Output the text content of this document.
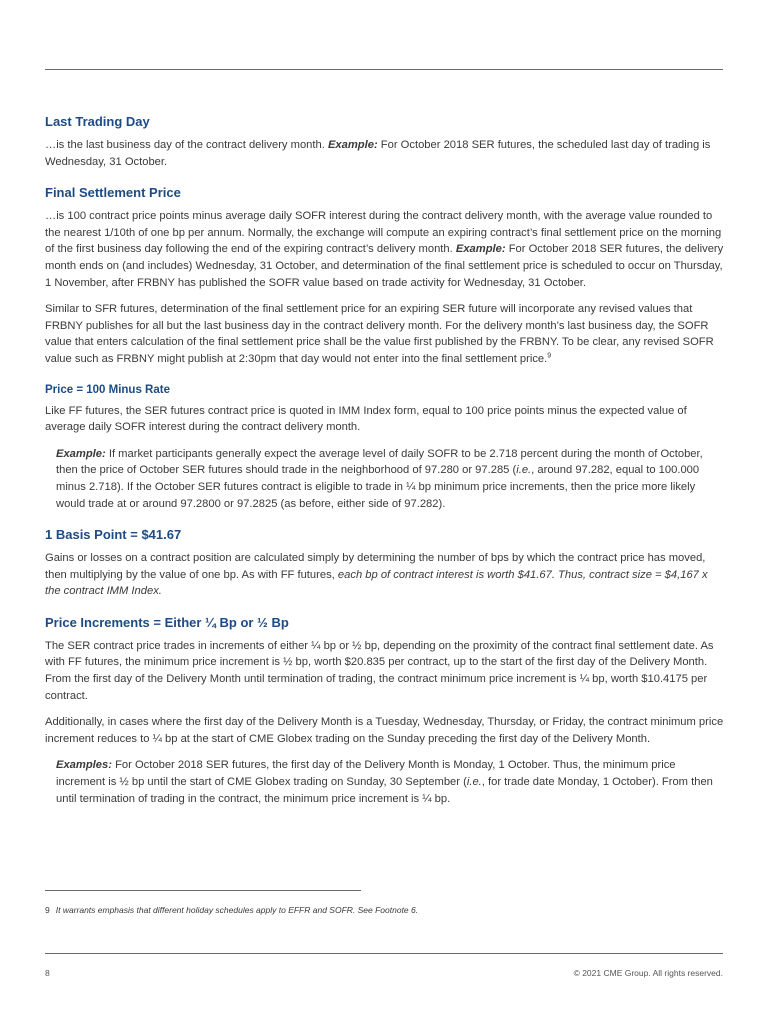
Last Trading Day

…is the last business day of the contract delivery month. Example: For October 2018 SER futures, the scheduled last day of trading is Wednesday, 31 October.

Final Settlement Price

…is 100 contract price points minus average daily SOFR interest during the contract delivery month, with the average value rounded to the nearest 1/10th of one bp per annum. Normally, the exchange will compute an expiring contract’s final settlement price on the morning of the first business day following the end of the expiring contract’s delivery month. Example: For October 2018 SER futures, the delivery month ends on (and includes) Wednesday, 31 October, and determination of the final settlement price is scheduled to occur on Thursday, 1 November, after FRBNY has published the SOFR value based on trade activity for Wednesday, 31 October.

Similar to SFR futures, determination of the final settlement price for an expiring SER future will incorporate any revised values that FRBNY publishes for all but the last business day in the contract delivery month. For the delivery month’s last business day, the SOFR value that enters calculation of the final settlement price shall be the value first published by the FRBNY. To be clear, any revised SOFR value such as FRBNY might publish at 2:30pm that day would not enter into the final settlement price.$^9$

Price = 100 Minus Rate

Like FF futures, the SER futures contract price is quoted in IMM Index form, equal to 100 price points minus the expected value of average daily SOFR interest during the contract delivery month.

Example: If market participants generally expect the average level of daily SOFR to be 2.718 percent during the month of October, then the price of October SER futures should trade in the neighborhood of 97.280 or 97.285 (i.e., around 97.282, equal to 100.000 minus 2.718). If the October SER futures contract is eligible to trade in ¼ bp minimum price increments, then the price more likely would trade at or around 97.2800 or 97.2825 (as before, either side of 97.282).

1 Basis Point = $41.67

Gains or losses on a contract position are calculated simply by determining the number of bps by which the contract price has moved, then multiplying by the value of one bp. As with FF futures, each bp of contract interest is worth $41.67. Thus, contract size = $4,167 x the contract IMM Index.

Price Increments = Either ¼ Bp or ½ Bp

The SER contract price trades in increments of either ¼ bp or ½ bp, depending on the proximity of the contract final settlement date. As with FF futures, the minimum price increment is ½ bp, worth $20.835 per contract, up to the start of the first day of the Delivery Month. From the first day of the Delivery Month until termination of trading, the contract minimum price increment is ¼ bp, worth $10.4175 per contract.

Additionally, in cases where the first day of the Delivery Month is a Tuesday, Wednesday, Thursday, or Friday, the contract minimum price increment reduces to ¼ bp at the start of CME Globex trading on the Sunday preceding the first day of the Delivery Month.

Examples: For October 2018 SER futures, the first day of the Delivery Month is Monday, 1 October. Thus, the minimum price increment is ½ bp until the start of CME Globex trading on Sunday, 30 September (i.e., for trade date Monday, 1 October). From then until termination of trading in the contract, the minimum price increment is ¼ bp.

9 It warrants emphasis that different holiday schedules apply to EFFR and SOFR. See Footnote 6.
8	© 2021 CME Group. All rights reserved.
